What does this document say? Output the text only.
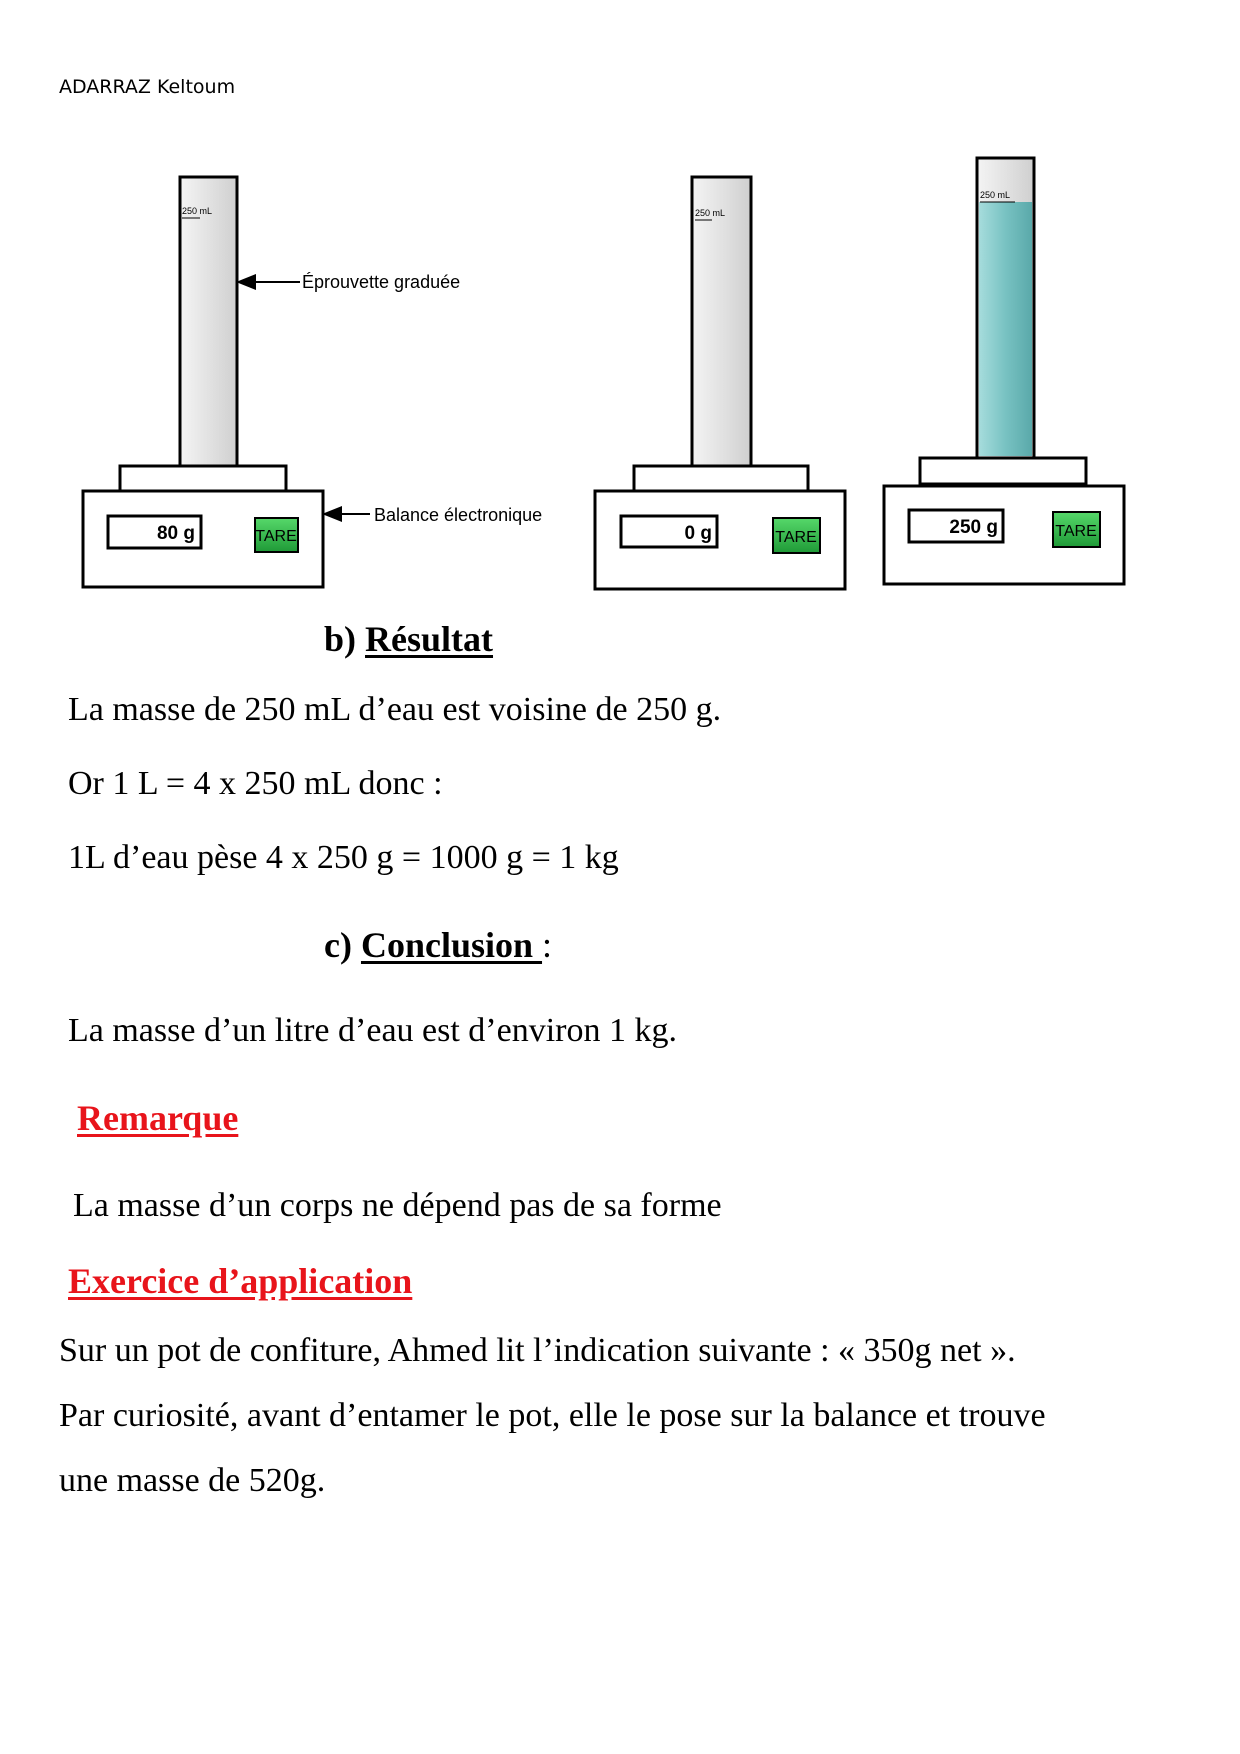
ADARRAZ Keltoum
250 mL
80 g	TARE
Éprouvette graduée
Balance électronique
250 mL
0 g	TARE
250 mL
250 g	TARE
b) Résultat
La masse de 250 mL d’eau est voisine de 250 g.
Or 1 L = 4 x 250 mL donc :
1L d’eau pèse 4 x 250 g = 1000 g = 1 kg
c) Conclusion :
La masse d’un litre d’eau est d’environ 1 kg.
Remarque
La masse d’un corps ne dépend pas de sa forme
Exercice d’application
Sur un pot de confiture, Ahmed lit l’indication suivante : « 350g net ».
Par curiosité, avant d’entamer le pot, elle le pose sur la balance et trouve
une masse de 520g.
